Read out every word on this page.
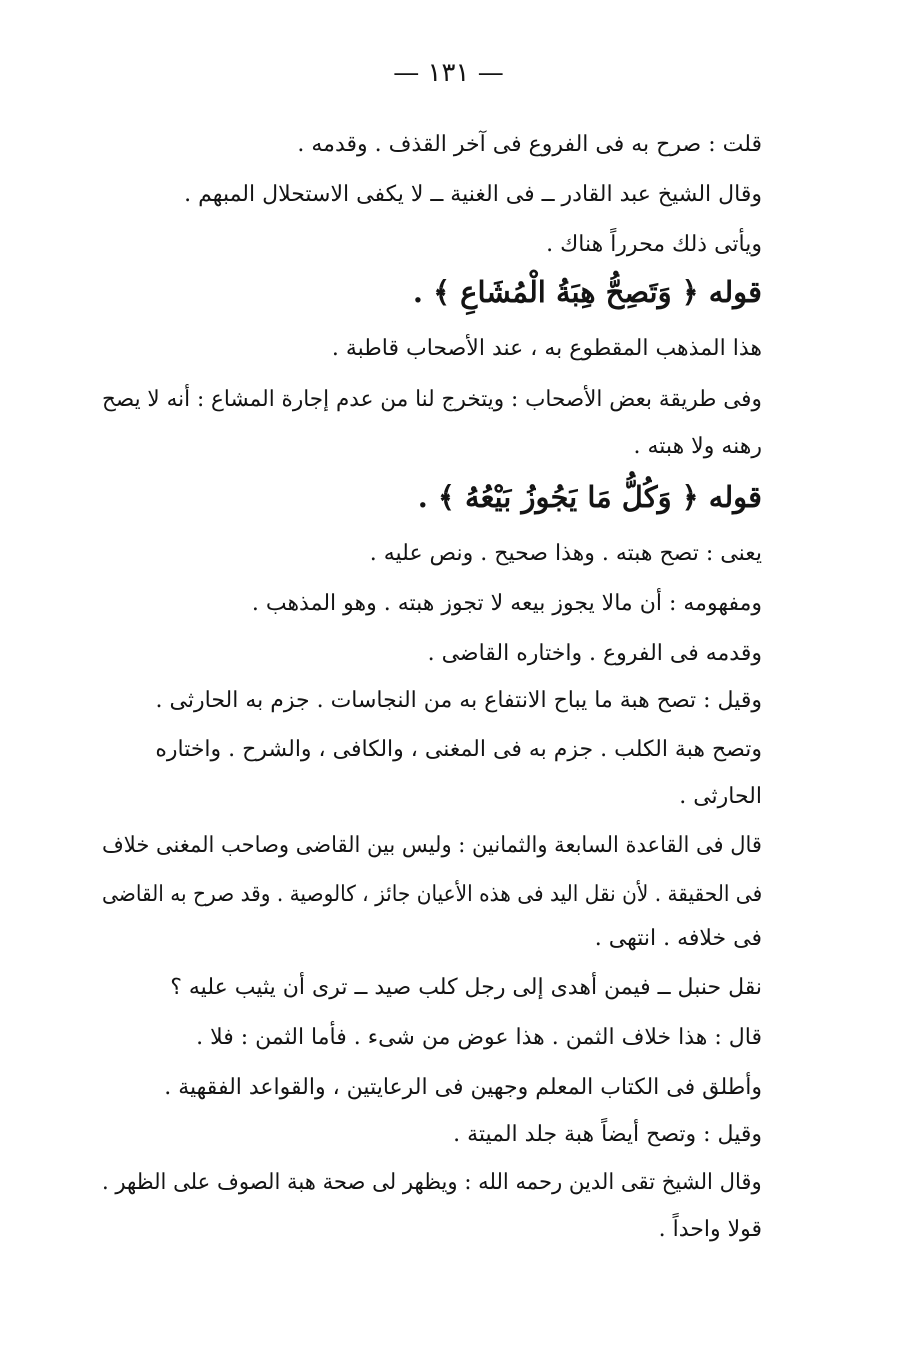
— ١٣١ —
قلت : صرح به فى الفروع فى آخر القذف . وقدمه .
وقال الشيخ عبد القادر ــ فى الغنية ــ لا يكفى الاستحلال المبهم .
ويأتى ذلك محرراً هناك .
قوله ﴿ وَتَصِحُّ هِبَةُ الْمُشَاعِ ﴾ .
هذا المذهب المقطوع به ، عند الأصحاب قاطبة .
وفى طريقة بعض الأصحاب : ويتخرج لنا من عدم إجارة المشاع : أنه لا يصح
رهنه ولا هبته .
قوله ﴿ وَكُلُّ مَا يَجُوزُ بَيْعُهُ ﴾ .
يعنى : تصح هبته . وهذا صحيح . ونص عليه .
ومفهومه : أن مالا يجوز بيعه لا تجوز هبته . وهو المذهب .
وقدمه فى الفروع . واختاره القاضى .
وقيل : تصح هبة ما يباح الانتفاع به من النجاسات . جزم به الحارثى .
وتصح هبة الكلب . جزم به فى المغنى ، والكافى ، والشرح . واختاره
الحارثى .
قال فى القاعدة السابعة والثمانين : وليس بين القاضى وصاحب المغنى خلاف
فى الحقيقة . لأن نقل اليد فى هذه الأعيان جائز ، كالوصية . وقد صرح به القاضى
فى خلافه . انتهى .
نقل حنبل ــ فيمن أهدى إلى رجل كلب صيد ــ ترى أن يثيب عليه ؟
قال : هذا خلاف الثمن . هذا عوض من شىء . فأما الثمن : فلا .
وأطلق فى الكتاب المعلم وجهين فى الرعايتين ، والقواعد الفقهية .
وقيل : وتصح أيضاً هبة جلد الميتة .
وقال الشيخ تقى الدين رحمه الله : ويظهر لى صحة هبة الصوف على الظهر .
قولا واحداً .
